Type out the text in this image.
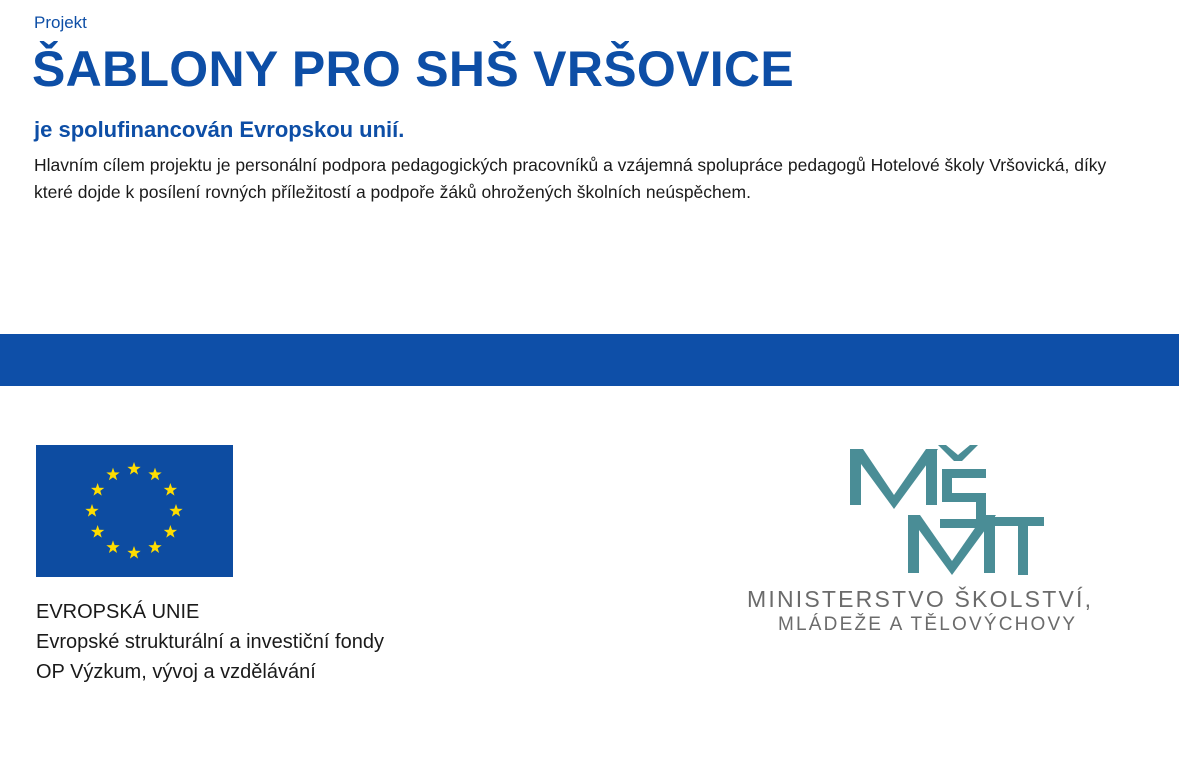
Projekt
ŠABLONY PRO SHŠ VRŠOVICE
je spolufinancován Evropskou unií.
Hlavním cílem projektu je personální podpora pedagogických pracovníků a vzájemná spolupráce pedagogů Hotelové školy Vršovická, díky které dojde k posílení rovných příležitostí a podpoře žáků ohrožených školních neúspěchem.
EVROPSKÁ UNIE
Evropské strukturální a investiční fondy
OP Výzkum, vývoj a vzdělávání
MINISTERSTVO ŠKOLSTVÍ,
MLÁDEŽE A TĚLOVÝCHOVY
